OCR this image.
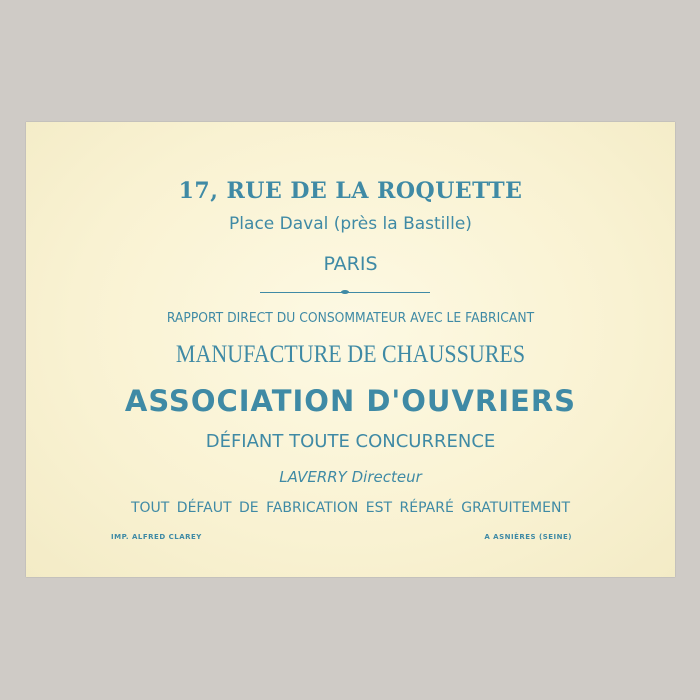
17, RUE DE LA ROQUETTE
Place Daval (près la Bastille)
PARIS
RAPPORT DIRECT DU CONSOMMATEUR AVEC LE FABRICANT
MANUFACTURE DE CHAUSSURES
ASSOCIATION D'OUVRIERS
DÉFIANT TOUTE CONCURRENCE
LAVERRY Directeur
TOUT DÉFAUT DE FABRICATION EST RÉPARÉ GRATUITEMENT
IMP. ALFRED CLAREY	A ASNIÈRES (SEINE)
